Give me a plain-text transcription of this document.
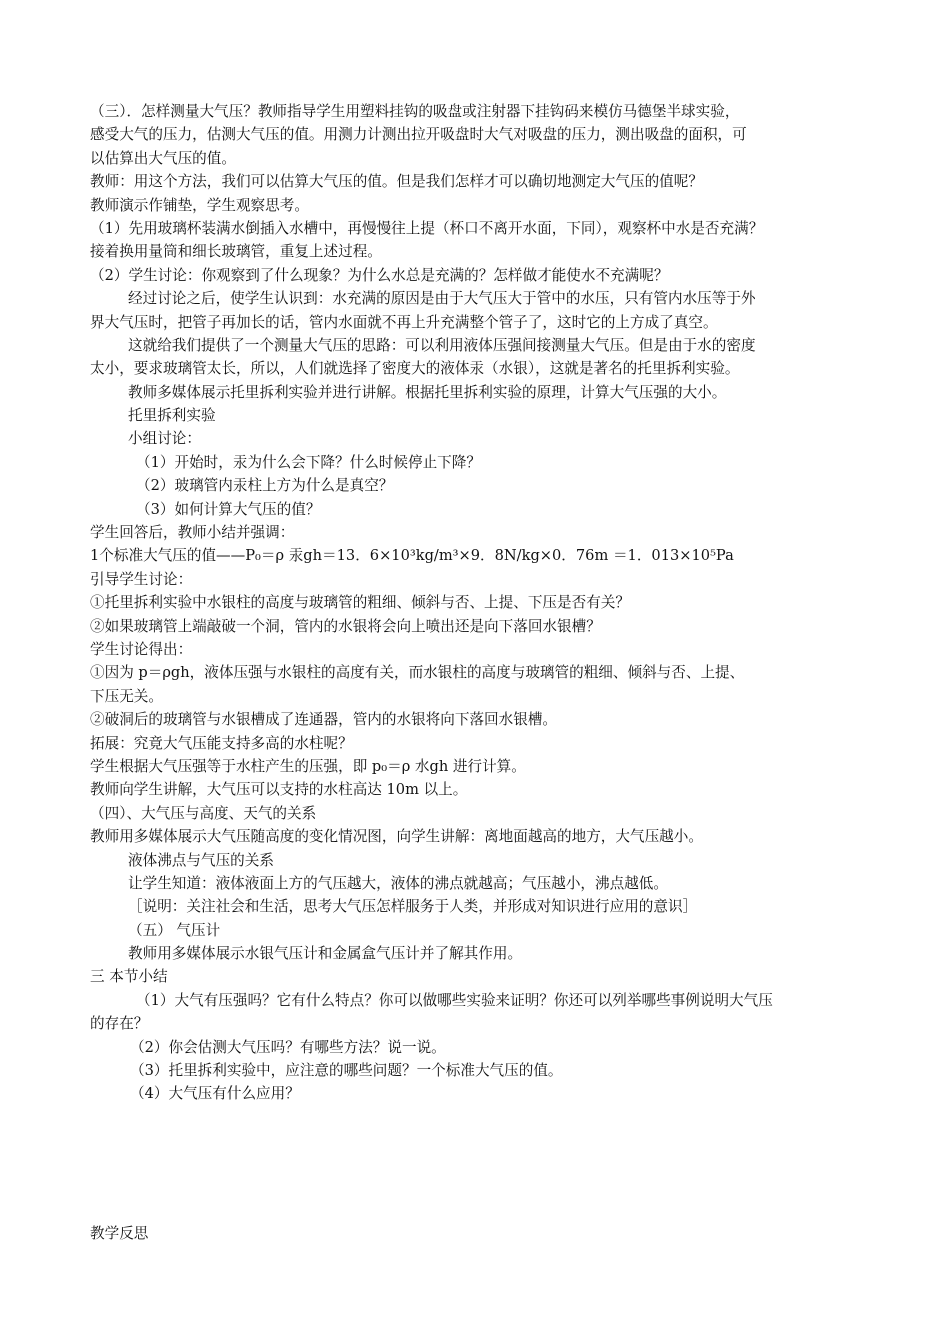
（三）．怎样测量大气压？教师指导学生用塑料挂钩的吸盘或注射器下挂钩码来模仿马德堡半球实验，
感受大气的压力，估测大气压的值。用测力计测出拉开吸盘时大气对吸盘的压力，测出吸盘的面积，可
以估算出大气压的值。
教师：用这个方法，我们可以估算大气压的值。但是我们怎样才可以确切地测定大气压的值呢？
教师演示作铺垫，学生观察思考。
（1）先用玻璃杯装满水倒插入水槽中，再慢慢往上提（杯口不离开水面，下同），观察杯中水是否充满？
接着换用量筒和细长玻璃管，重复上述过程。
（2）学生讨论：你观察到了什么现象？为什么水总是充满的？怎样做才能使水不充满呢？
经过讨论之后，使学生认识到：水充满的原因是由于大气压大于管中的水压，只有管内水压等于外
界大气压时，把管子再加长的话，管内水面就不再上升充满整个管子了，这时它的上方成了真空。
这就给我们提供了一个测量大气压的思路：可以利用液体压强间接测量大气压。但是由于水的密度
太小，要求玻璃管太长，所以，人们就选择了密度大的液体汞（水银），这就是著名的托里拆利实验。
教师多媒体展示托里拆利实验并进行讲解。根据托里拆利实验的原理，计算大气压强的大小。
托里拆利实验
小组讨论：
（1）开始时，汞为什么会下降？什么时候停止下降？
（2）玻璃管内汞柱上方为什么是真空？
（3）如何计算大气压的值？
学生回答后，教师小结并强调：
1个标准大气压的值——P₀＝ρ 汞gh＝13．6×10³kg/m³×9．8N/kg×0．76m ＝1．013×10⁵Pa
引导学生讨论：
①托里拆利实验中水银柱的高度与玻璃管的粗细、倾斜与否、上提、下压是否有关？
②如果玻璃管上端敲破一个洞，管内的水银将会向上喷出还是向下落回水银槽？
学生讨论得出：
①因为 p＝ρgh，液体压强与水银柱的高度有关，而水银柱的高度与玻璃管的粗细、倾斜与否、上提、
下压无关。
②破洞后的玻璃管与水银槽成了连通器，管内的水银将向下落回水银槽。
拓展：究竟大气压能支持多高的水柱呢？
学生根据大气压强等于水柱产生的压强，即 p₀＝ρ 水gh 进行计算。
教师向学生讲解，大气压可以支持的水柱高达 10m 以上。
（四）、大气压与高度、天气的关系
教师用多媒体展示大气压随高度的变化情况图，向学生讲解：离地面越高的地方，大气压越小。
液体沸点与气压的关系
让学生知道：液体液面上方的气压越大，液体的沸点就越高；气压越小，沸点越低。
［说明：关注社会和生活，思考大气压怎样服务于人类，并形成对知识进行应用的意识］
（五） 气压计
教师用多媒体展示水银气压计和金属盒气压计并了解其作用。
三 本节小结
（1）大气有压强吗？它有什么特点？你可以做哪些实验来证明？你还可以列举哪些事例说明大气压
的存在？
（2）你会估测大气压吗？有哪些方法？说一说。
（3）托里拆利实验中，应注意的哪些问题？一个标准大气压的值。
（4）大气压有什么应用？
教学反思
